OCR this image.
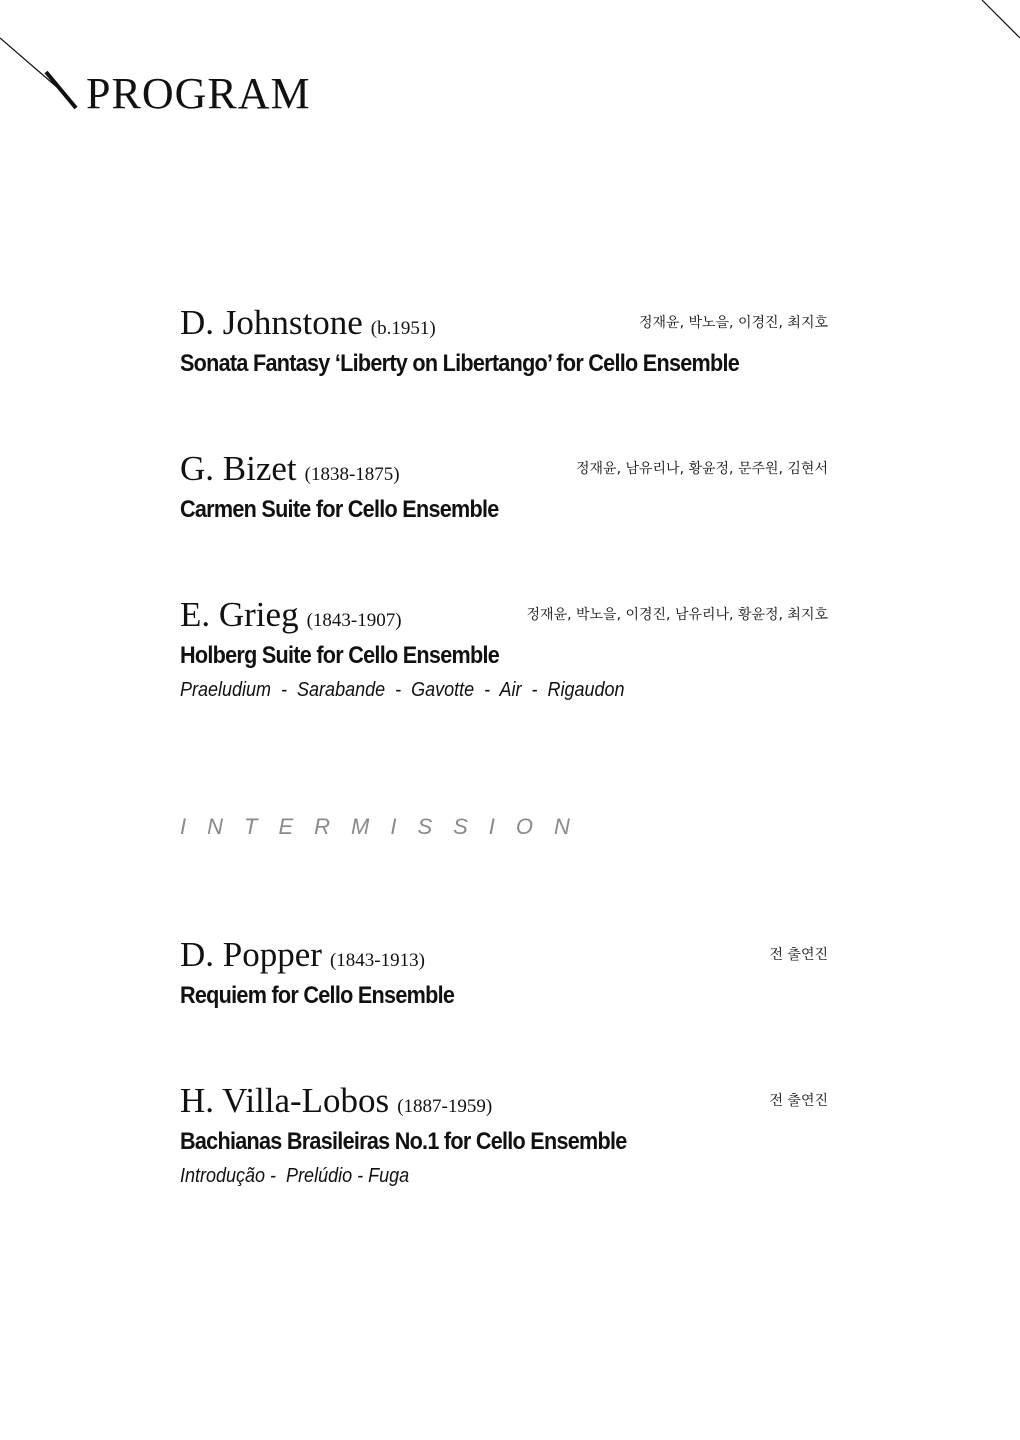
PROGRAM
D. Johnstone (b.1951)	정재윤, 박노을, 이경진, 최지호
Sonata Fantasy ‘Liberty on Libertango’ for Cello Ensemble
G. Bizet (1838-1875)	정재윤, 남유리나, 황윤정, 문주원, 김현서
Carmen Suite for Cello Ensemble
E. Grieg (1843-1907)	정재윤, 박노을, 이경진, 남유리나, 황윤정, 최지호
Holberg Suite for Cello Ensemble
Praeludium  -  Sarabande  -  Gavotte  -  Air  -  Rigaudon
INTERMISSION
D. Popper (1843-1913)	전 출연진
Requiem for Cello Ensemble
H. Villa-Lobos (1887-1959)	전 출연진
Bachianas Brasileiras No.1 for Cello Ensemble
Introdução -  Prelúdio - Fuga
